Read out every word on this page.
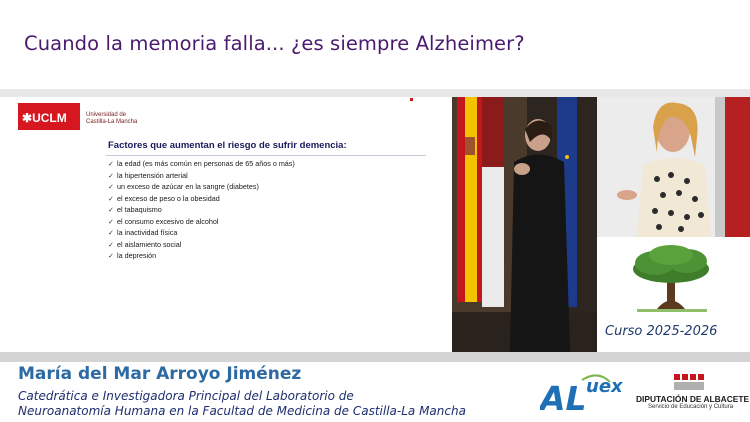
Cuando la memoria falla... ¿es siempre Alzheimer?
✱UCLM	Universidad de
Castilla-La Mancha
Factores que aumentan el riesgo de sufrir demencia:
✓ la edad (es más común en personas de 65 años o más)
✓ la hipertensión arterial
✓ un exceso de azúcar en la sangre (diabetes)
✓ el exceso de peso o la obesidad
✓ el tabaquismo
✓ el consumo excesivo de alcohol
✓ la inactividad física
✓ el aislamiento social
✓ la depresión
Curso 2025-2026
María del Mar Arroyo Jiménez
Catedrática e Investigadora Principal del Laboratorio de
Neuroanatomía Humana en la Facultad de Medicina de Castilla-La Mancha AL uex
DIPUTACIÓN DE ALBACETE
Servicio de Educación y Cultura
